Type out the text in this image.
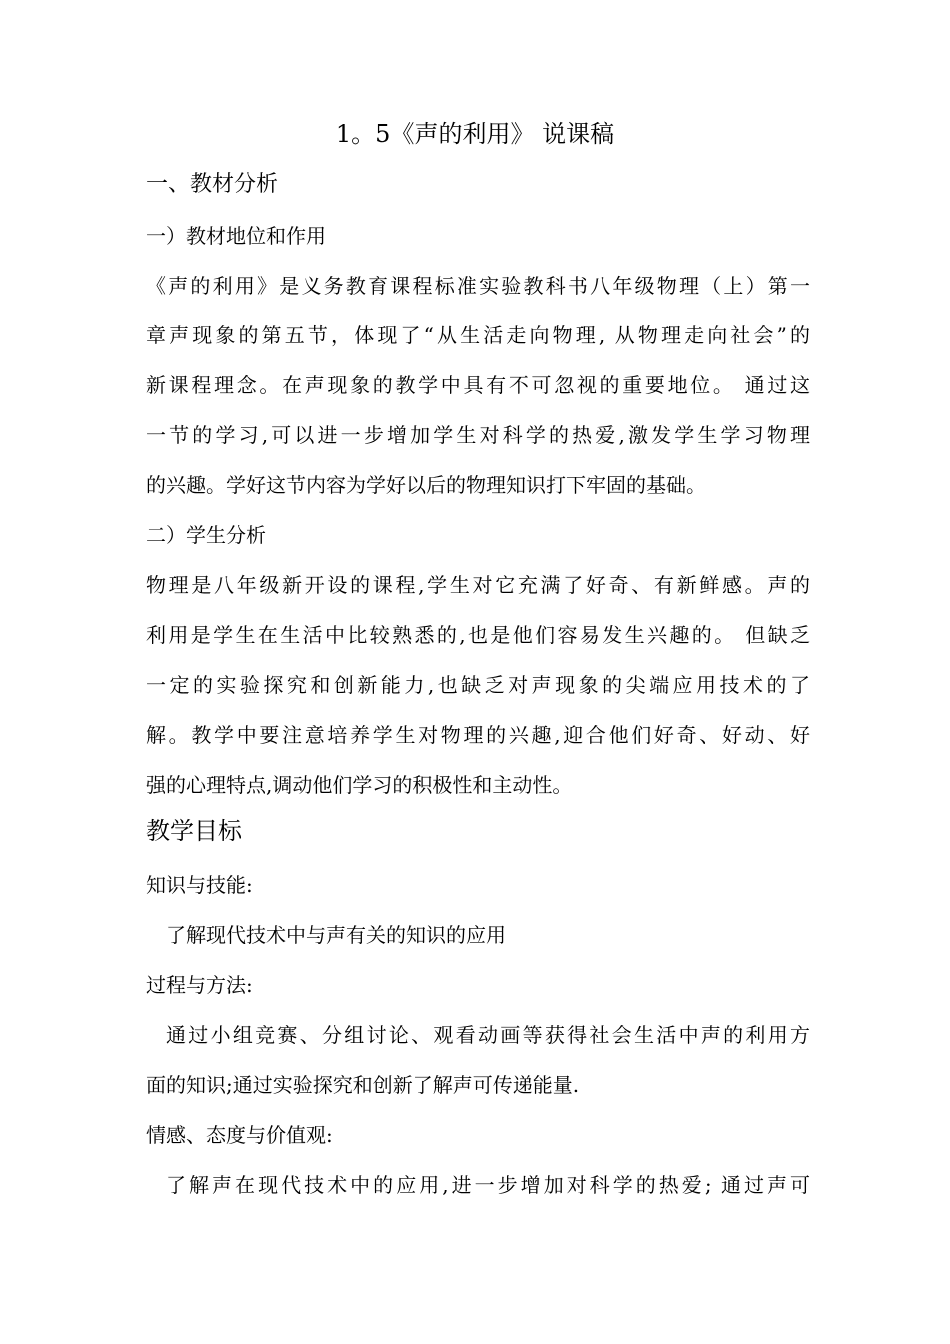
1。5《声的利用》 说课稿
一、教材分析
一）教材地位和作用
《声的利用》是义务教育课程标准实验教科书八年级物理（上）第一
章声现象的第五节，体现了“从生活走向物理, 从物理走向社会”的
新课程理念。在声现象的教学中具有不可忽视的重要地位。 通过这
一节的学习,可以进一步增加学生对科学的热爱,激发学生学习物理
的兴趣。学好这节内容为学好以后的物理知识打下牢固的基础。
二）学生分析
物理是八年级新开设的课程,学生对它充满了好奇、有新鲜感。声的
利用是学生在生活中比较熟悉的,也是他们容易发生兴趣的。 但缺乏
一定的实验探究和创新能力,也缺乏对声现象的尖端应用技术的了
解。教学中要注意培养学生对物理的兴趣,迎合他们好奇、好动、好
强的心理特点,调动他们学习的积极性和主动性。
教学目标
知识与技能:
了解现代技术中与声有关的知识的应用
过程与方法:
通过小组竞赛、分组讨论、观看动画等获得社会生活中声的利用方
面的知识;通过实验探究和创新了解声可传递能量.
情感、态度与价值观:
了解声在现代技术中的应用,进一步增加对科学的热爱; 通过声可
